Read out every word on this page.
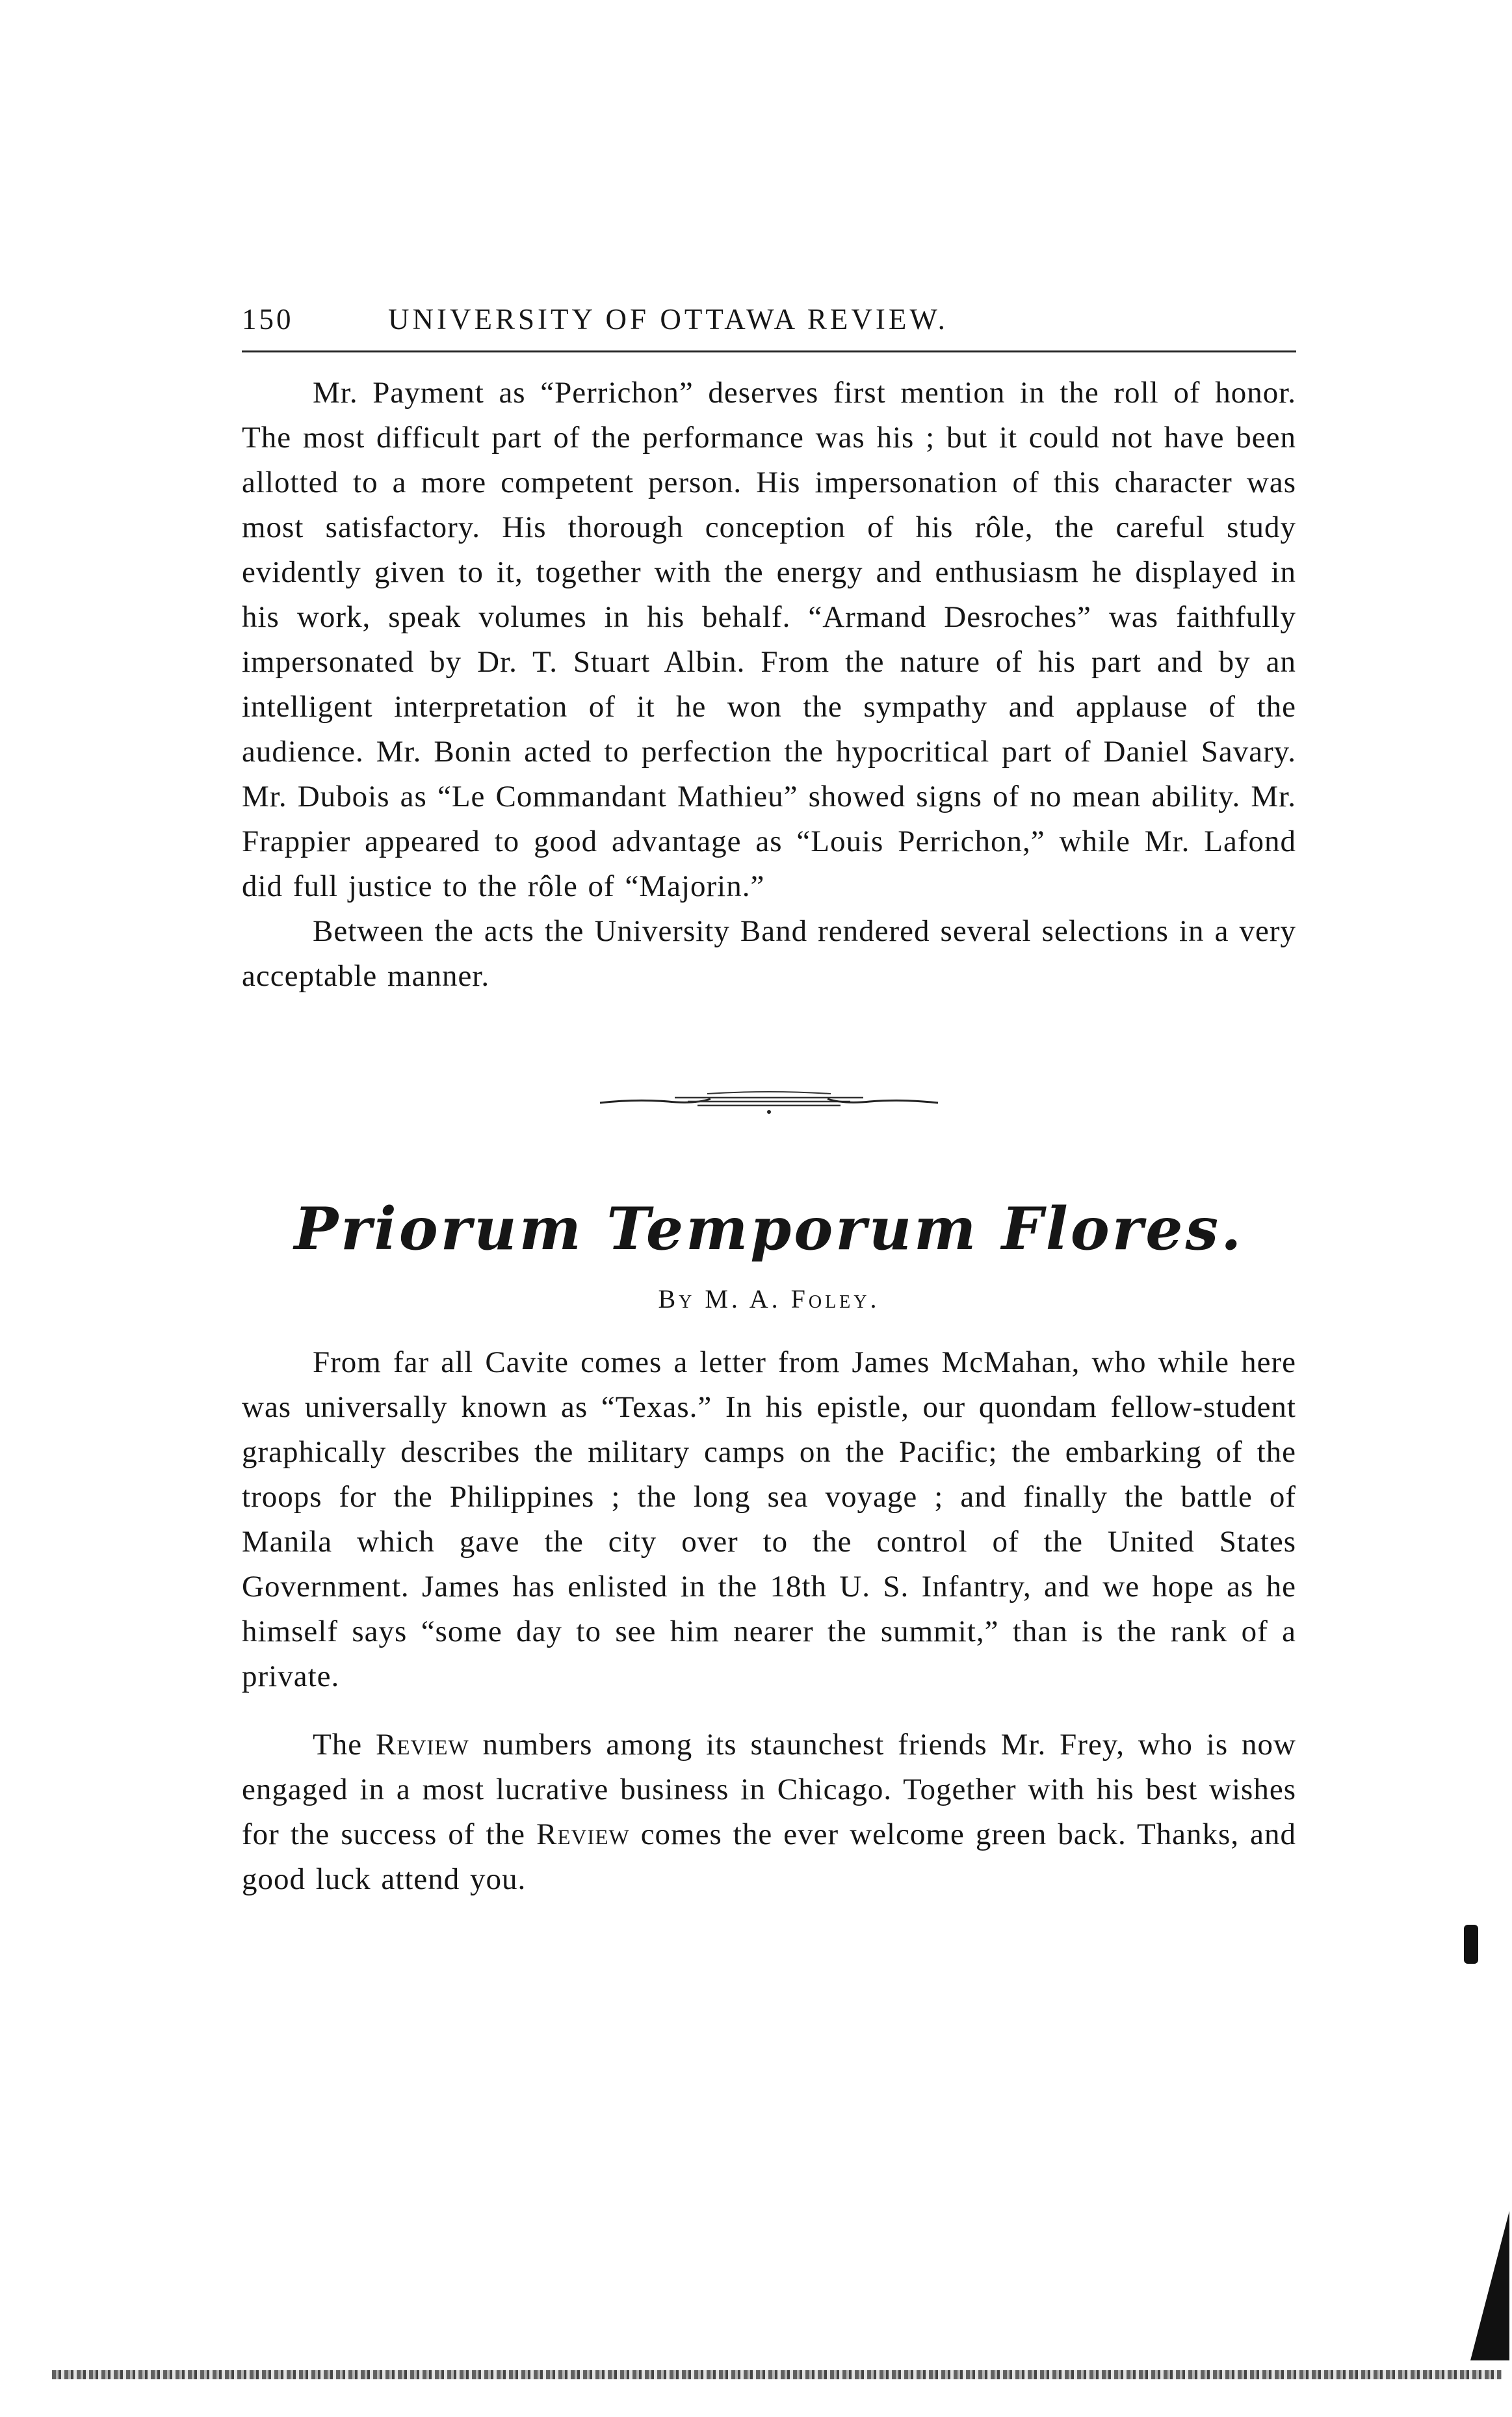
150	UNIVERSITY OF OTTAWA REVIEW.

Mr. Payment as “Perrichon” deserves first mention in the roll of honor. The most difficult part of the performance was his ; but it could not have been allotted to a more competent person. His impersonation of this character was most satisfactory. His thorough conception of his rôle, the careful study evidently given to it, together with the energy and enthusiasm he displayed in his work, speak volumes in his behalf. “Armand Desroches” was faithfully impersonated by Dr. T. Stuart Albin. From the nature of his part and by an intelligent interpretation of it he won the sympathy and applause of the audience. Mr. Bonin acted to perfection the hypocritical part of Daniel Savary. Mr. Dubois as “Le Commandant Mathieu” showed signs of no mean ability. Mr. Frappier appeared to good advantage as “Louis Perrichon,” while Mr. Lafond did full justice to the rôle of “Majorin.”

Between the acts the University Band rendered several selections in a very acceptable manner.

Priorum Temporum Flores.
By M. A. Foley.

From far all Cavite comes a letter from James McMahan, who while here was universally known as “Texas.” In his epistle, our quondam fellow-student graphically describes the military camps on the Pacific; the embarking of the troops for the Philippines ; the long sea voyage ; and finally the battle of Manila which gave the city over to the control of the United States Government. James has enlisted in the 18th U. S. Infantry, and we hope as he himself says “some day to see him nearer the summit,” than is the rank of a private.

The Review numbers among its staunchest friends Mr. Frey, who is now engaged in a most lucrative business in Chicago. Together with his best wishes for the success of the Review comes the ever welcome green back. Thanks, and good luck attend you.
